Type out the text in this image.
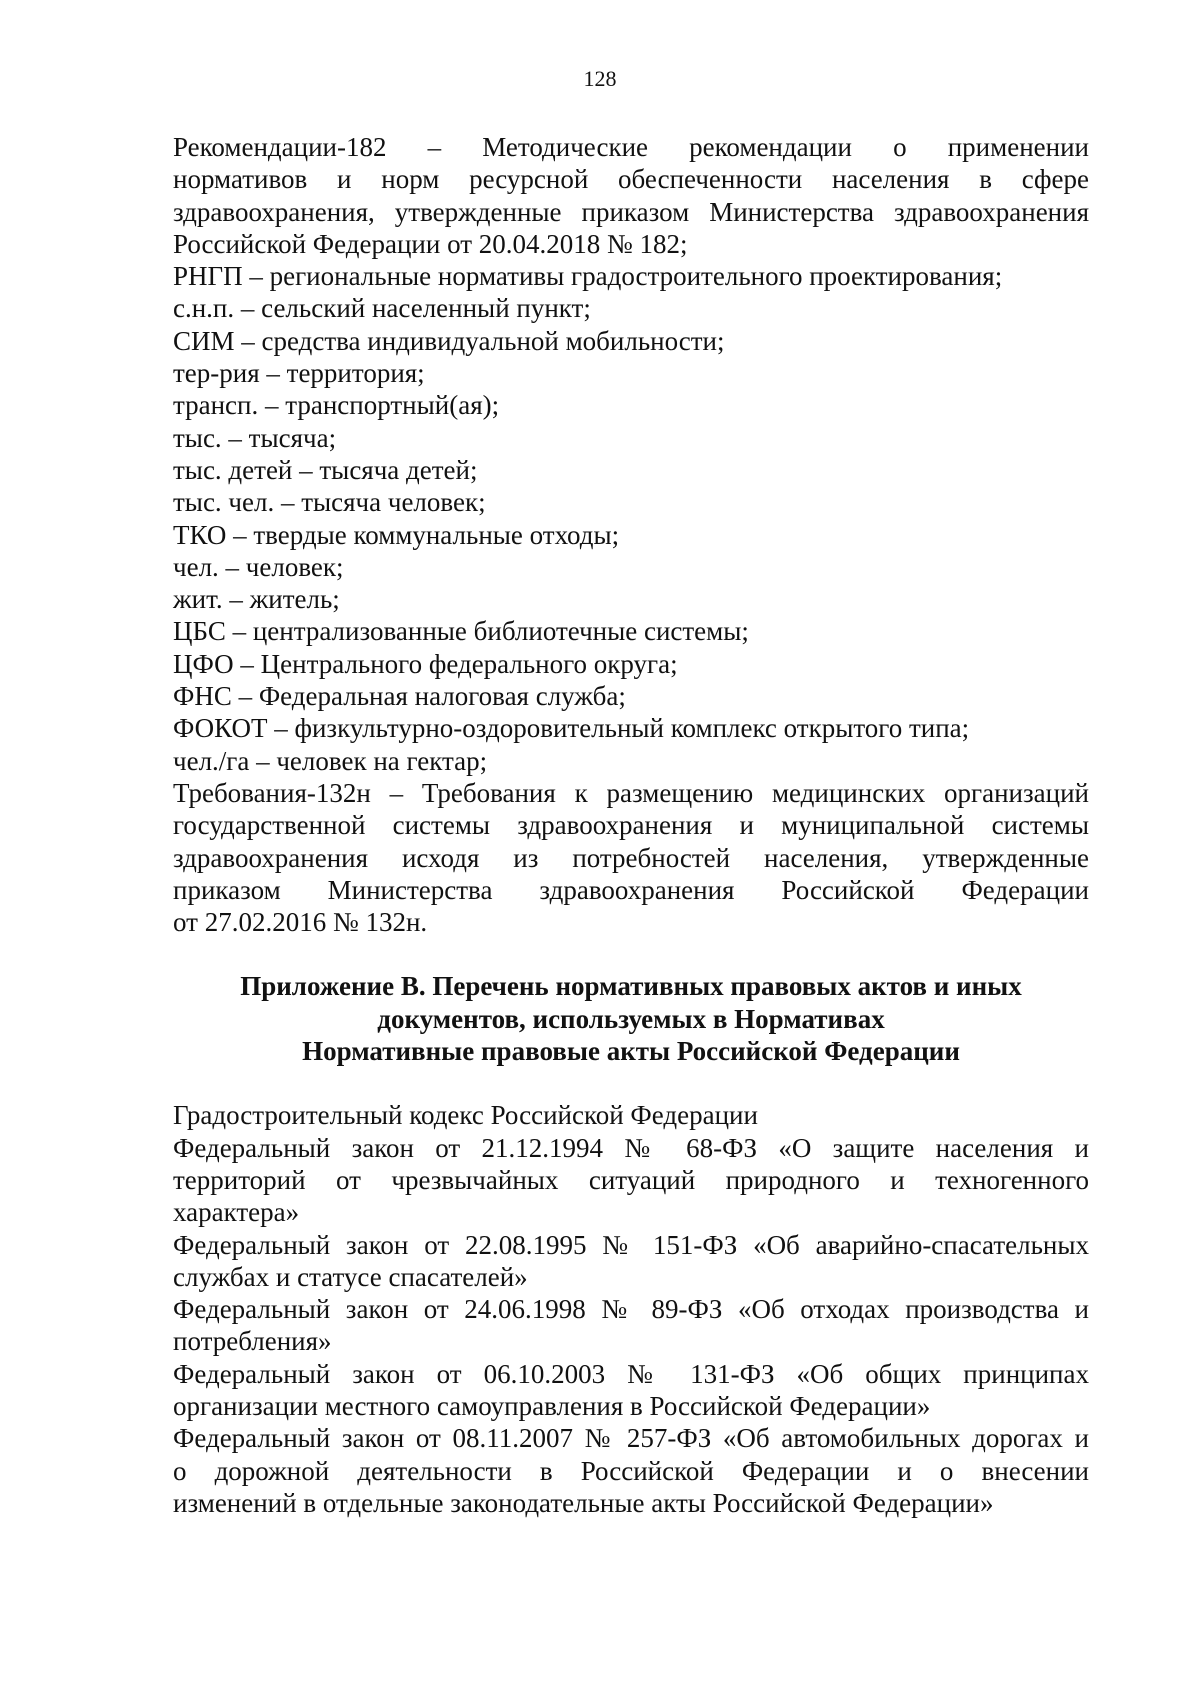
128
Рекомендации-182 – Методические рекомендации о применении
нормативов и норм ресурсной обеспеченности населения в сфере
здравоохранения, утвержденные приказом Министерства здравоохранения
Российской Федерации от 20.04.2018 № 182;
РНГП – региональные нормативы градостроительного проектирования;
с.н.п. – сельский населенный пункт;
СИМ – средства индивидуальной мобильности;
тер-рия – территория;
трансп. – транспортный(ая);
тыс. – тысяча;
тыс. детей – тысяча детей;
тыс. чел. – тысяча человек;
ТКО – твердые коммунальные отходы;
чел. – человек;
жит. – житель;
ЦБС – централизованные библиотечные системы;
ЦФО – Центрального федерального округа;
ФНС – Федеральная налоговая служба;
ФОКОТ – физкультурно-оздоровительный комплекс открытого типа;
чел./га – человек на гектар;
Требования-132н – Требования к размещению медицинских организаций
государственной системы здравоохранения и муниципальной системы
здравоохранения исходя из потребностей населения, утвержденные
приказом Министерства здравоохранения Российской Федерации
от 27.02.2016 № 132н.
Приложение В. Перечень нормативных правовых актов и иных
документов, используемых в Нормативах
Нормативные правовые акты Российской Федерации
Градостроительный кодекс Российской Федерации
Федеральный закон от 21.12.1994 № 68-ФЗ «О защите населения и
территорий от чрезвычайных ситуаций природного и техногенного
характера»
Федеральный закон от 22.08.1995 № 151-ФЗ «Об аварийно-спасательных
службах и статусе спасателей»
Федеральный закон от 24.06.1998 № 89-ФЗ «Об отходах производства и
потребления»
Федеральный закон от 06.10.2003 № 131-ФЗ «Об общих принципах
организации местного самоуправления в Российской Федерации»
Федеральный закон от 08.11.2007 № 257-ФЗ «Об автомобильных дорогах и
о дорожной деятельности в Российской Федерации и о внесении
изменений в отдельные законодательные акты Российской Федерации»
